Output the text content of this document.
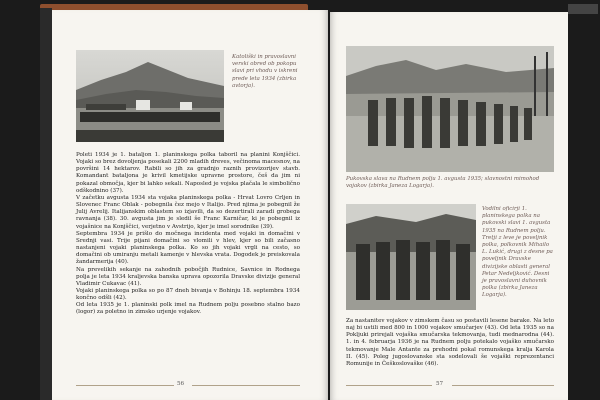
Katoliški in pravoslavni verski obred ob pokopu slavi pri vhodu v iskreni prede leta 1934 (zbirka avtorja).

Poleti 1934 je 1. bataljon 1. planinskega polka taboril na planini Konjščici. Vojaki so brez dovoljenja posekali 2200 mladih dreves, večinoma macesnov, na površini 14 hektarov. Rabili so jih za gradnjo raznih provizorijev stavb. Komandant bataljona je krivil kmetijske upravne prostore, češ da jim ni pokazal območja, kjer bi lahko sekali. Naposled je vojska plačala le simbolično odškodnino (37).

V začetku avgusta 1934 sta vojaka planinskega polka - Hrvat Lovro Crljen in Slovenec Franc Oblak - pobegnila čez mejo v Italijo. Pred njima je pobegnil že Julij Avrelij. Italijanskim oblastem so izjavili, da so dezertirali zaradi grobega ravnanja (38). 30. avgusta jim je sledil še Franc Karničar, ki je pobegnil iz vojašnice na Konjščici, verjetno v Avstrijo, kjer je imel sorodnike (39).

Septembra 1934 je prišlo do močnega incidenta med vojaki in domačini v Srednji vasi. Trije pijani domačini so vlomili v hlev, kjer so bili začasno nastanjeni vojaki planinskega polka. Ko so jih vojaki vrgli na cesto, so domačini ob umiranju metali kamenje v hlevska vrata. Dogodek je preiskovala žandarmerija (40).

Na prevelikih sekanje na zahodnih pobočjih Rudnice, Savnice in Rodnega polja je leta 1934 kraljevska banska uprava opozorila Dravske divizije general Vladimir Cukavac (41).

Vojaki planinskega polka so po 87 dneh bivanja v Bohinju 18. septembra 1934 končno odšli (42).

Od leta 1935 je 1. planinski polk imel na Rudnem polju posebno stalno bazo (logor) za poletno in zimsko urjenje vojakov.

56
Pukovska slava na Rudnem polju 1. avgusta 1935; slavnostni mimohod vojakov (zbirka Janeza Logarja).
Vodilni oficirji 1. planinskega polka na pukovski slavi 1. avgusta 1935 na Rudnem polju. Tretji z leve je poveljnik polka, polkovnik Mihailo L. Lukić, drugi z desne pa poveljnik Dravske divizijske oblasti general Petar Nedeljković. Desni je pravoslavni duhovnik polka (zbirka Janeza Logarja).

Za nastanitev vojakov v zimskem času so postavili lesene barake. Na leto naj bi ustili med 800 in 1000 vojakov smučarjev (43). Od leta 1935 so na Pokljuki prirejali vojaška smučarska tekmovanja, tudi mednarodna (44). 1. in 4. februarja 1936 je na Rudnem polju potekalo vojaško smučarsko tekmovanje Male Antante za prehodni pokal romunskega kralja Karola II. (45). Poleg jugoslovanske sta sodelovali še vojaški reprezentanci Romunije in Češkoslovaške (46).

57
